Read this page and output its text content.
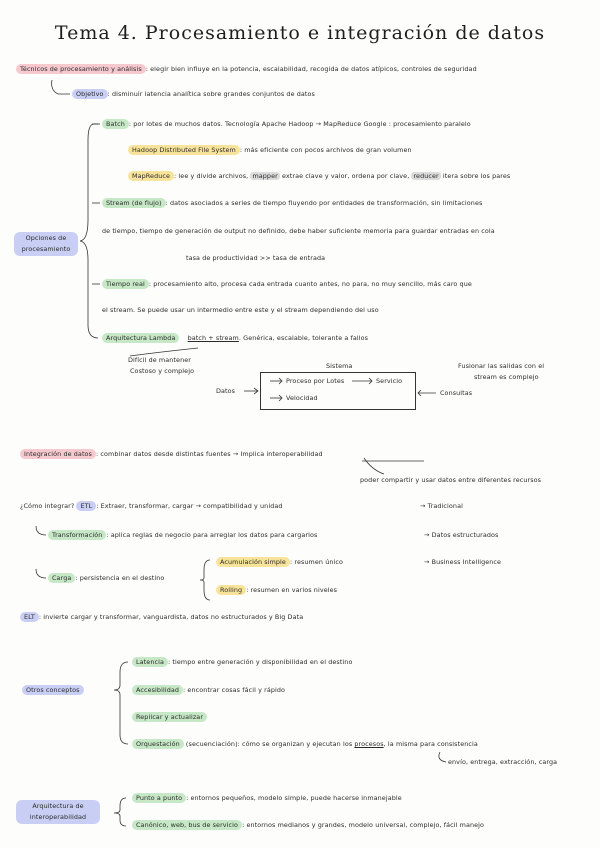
Tema 4. Procesamiento e integración de datos
Técnicos de procesamiento y análisis : elegir bien influye en la potencia, escalabilidad, recogida de datos atípicos, controles de seguridad
Objetivo : disminuir latencia analítica sobre grandes conjuntos de datos
Opciones de procesamiento
Batch : por lotes de muchos datos. Tecnología Apache Hadoop → MapReduce Google : procesamiento paralelo
Hadoop Distributed File System : más eficiente con pocos archivos de gran volumen
MapReduce : lee y divide archivos, mapper extrae clave y valor, ordena por clave, reducer itera sobre los pares
Stream (de flujo) : datos asociados a series de tiempo fluyendo por entidades de transformación, sin limitaciones
de tiempo, tiempo de generación de output no definido, debe haber suficiente memoria para guardar entradas en cola
tasa de productividad >> tasa de entrada
Tiempo real : procesamiento alto, procesa cada entrada cuanto antes, no para, no muy sencillo, más caro que
el stream. Se puede usar un intermedio entre este y el stream dependiendo del uso
Arquitectura Lambda batch + stream. Genérica, escalable, tolerante a fallos
Difícil de mantener
Costoso y complejo
Sistema
Proceso por Lotes	Servicio
Velocidad
Datos	Consultas
Fusionar las salidas con el
stream es complejo
Integración de datos : combinar datos desde distintas fuentes → Implica interoperabilidad
poder compartir y usar datos entre diferentes recursos
¿Cómo integrar? ETL : Extraer, transformar, cargar → compatibilidad y unidad	→ Tradicional
Transformación : aplica reglas de negocio para arreglar los datos para cargarlos	→ Datos estructurados
Carga : persistencia en el destino
Acumulación simple : resumen único	→ Business Intelligence
Rolling : resumen en varios niveles
ELT : invierte cargar y transformar, vanguardista, datos no estructurados y Big Data
Otros conceptos
Latencia : tiempo entre generación y disponibilidad en el destino
Accesibilidad : encontrar cosas fácil y rápido
Replicar y actualizar
Orquestación (secuenciación): cómo se organizan y ejecutan los procesos, la misma para consistencia
envío, entrega, extracción, carga
Arquitectura de interoperabilidad
Punto a punto : entornos pequeños, modelo simple, puede hacerse inmanejable
Canónico, web, bus de servicio : entornos medianos y grandes, modelo universal, complejo, fácil manejo
